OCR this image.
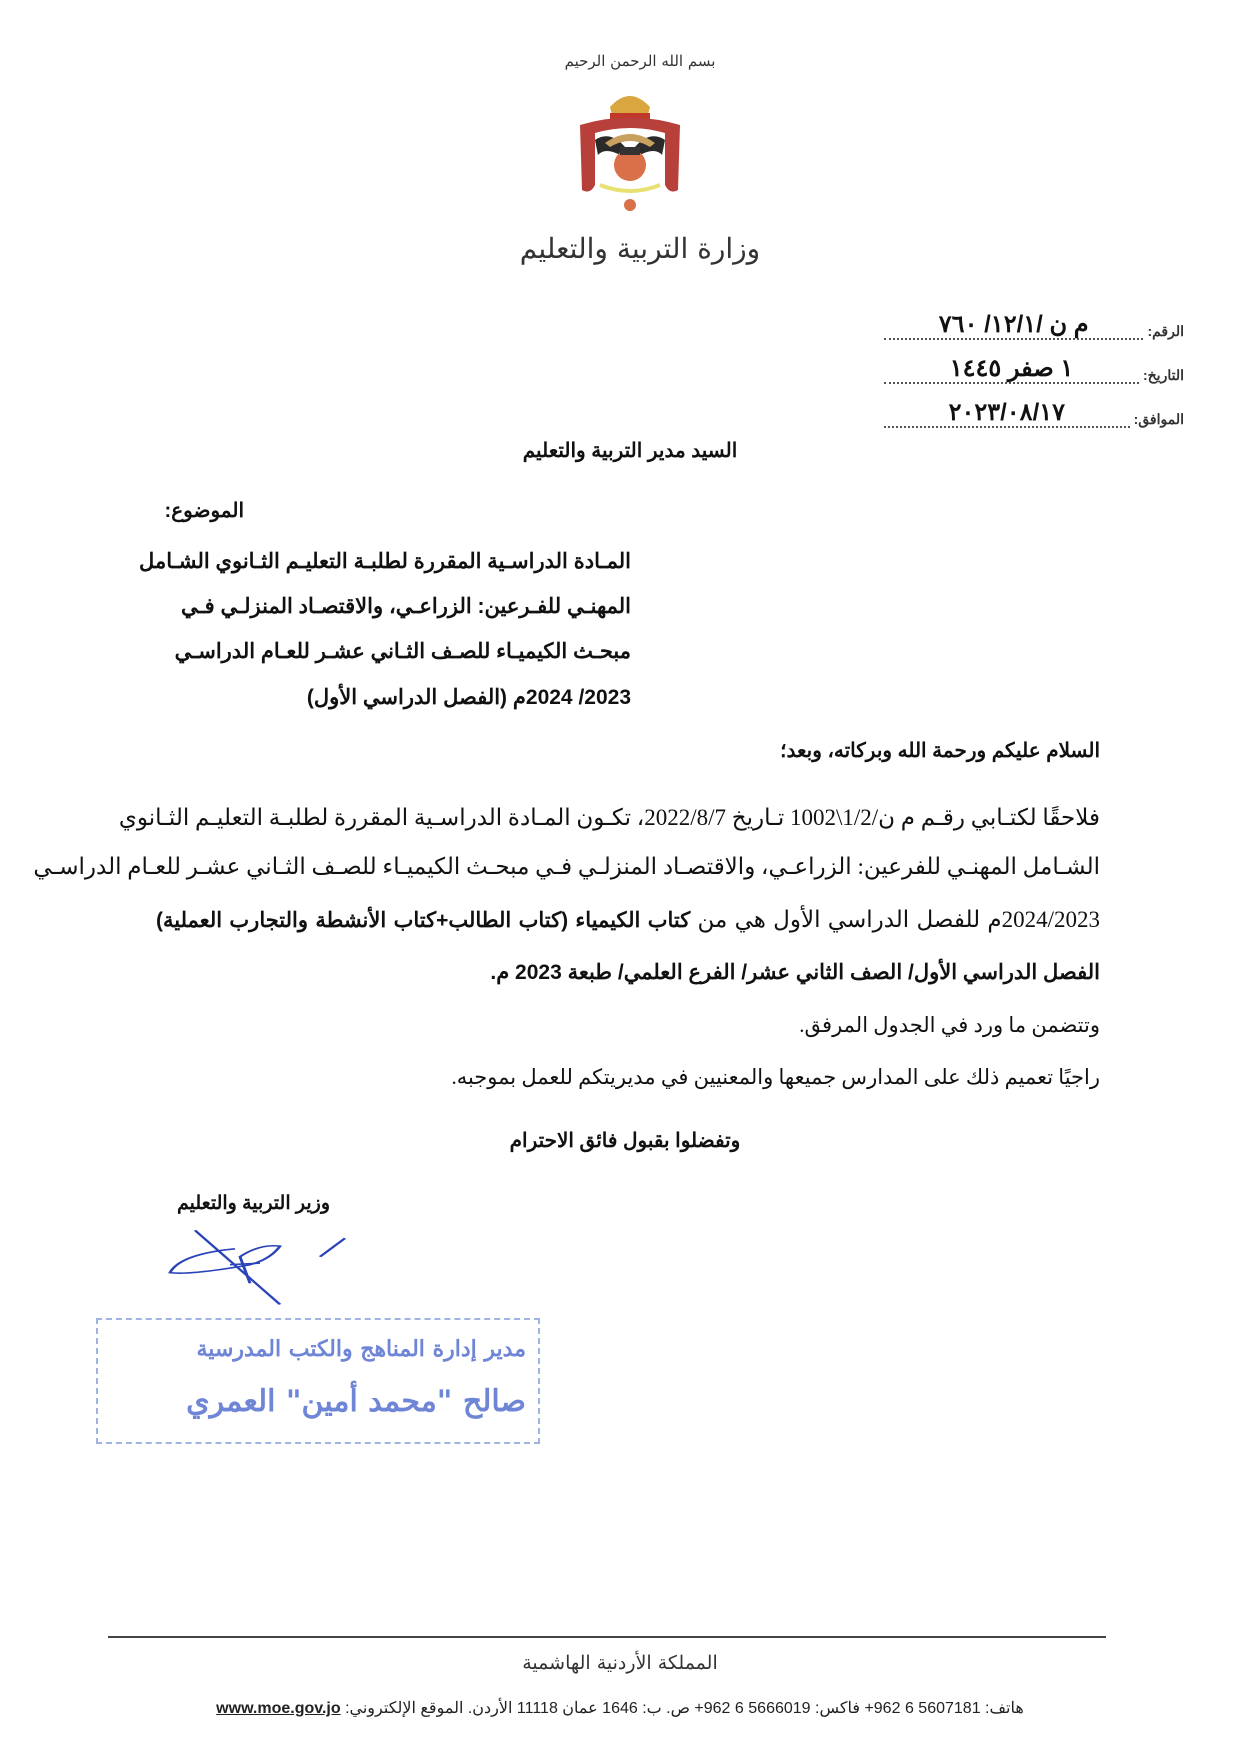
بسم الله الرحمن الرحيم
وزارة التربية والتعليم
الرقم:
م ن /١٢/١/ ٧٦٠
التاريخ:
١ صفر ١٤٤٥
الموافق:
٢٠٢٣/٠٨/١٧
السيد مدير التربية والتعليم
الموضوع:
المـادة الدراسـية المقررة لطلبـة التعليـم الثـانوي الشـامل
المهنـي للفـرعين: الزراعـي، والاقتصـاد المنزلـي فـي
مبحـث الكيميـاء للصـف الثـاني عشـر للعـام الدراسـي
2023/ 2024م (الفصل الدراسي الأول)
السلام عليكم ورحمة الله وبركاته، وبعد؛
فلاحقًا لكتـابي رقـم م ن/1/2\1002 تـاريخ 2022/8/7، تكـون المـادة الدراسـية المقررة لطلبـة التعليـم الثـانوي
الشـامل المهنـي للفرعين: الزراعـي، والاقتصـاد المنزلـي فـي مبحـث الكيميـاء للصـف الثـاني عشـر للعـام الدراسـي
2024/2023م للفصل الدراسي الأول هي من كتاب الكيمياء (كتاب الطالب+كتاب الأنشطة والتجارب العملية)
الفصل الدراسي الأول/ الصف الثاني عشر/ الفرع العلمي/ طبعة 2023 م.
وتتضمن ما ورد في الجدول المرفق.
راجيًا تعميم ذلك على المدارس جميعها والمعنيين في مديريتكم للعمل بموجبه.
وتفضلوا بقبول فائق الاحترام
وزير التربية والتعليم
مدير إدارة المناهج والكتب المدرسية
صالح "محمد أمين" العمري
المملكة الأردنية الهاشمية
هاتف: 5607181 6 962+ فاكس: 5666019 6 962+ ص. ب: 1646 عمان 11118 الأردن. الموقع الإلكتروني: www.moe.gov.jo
